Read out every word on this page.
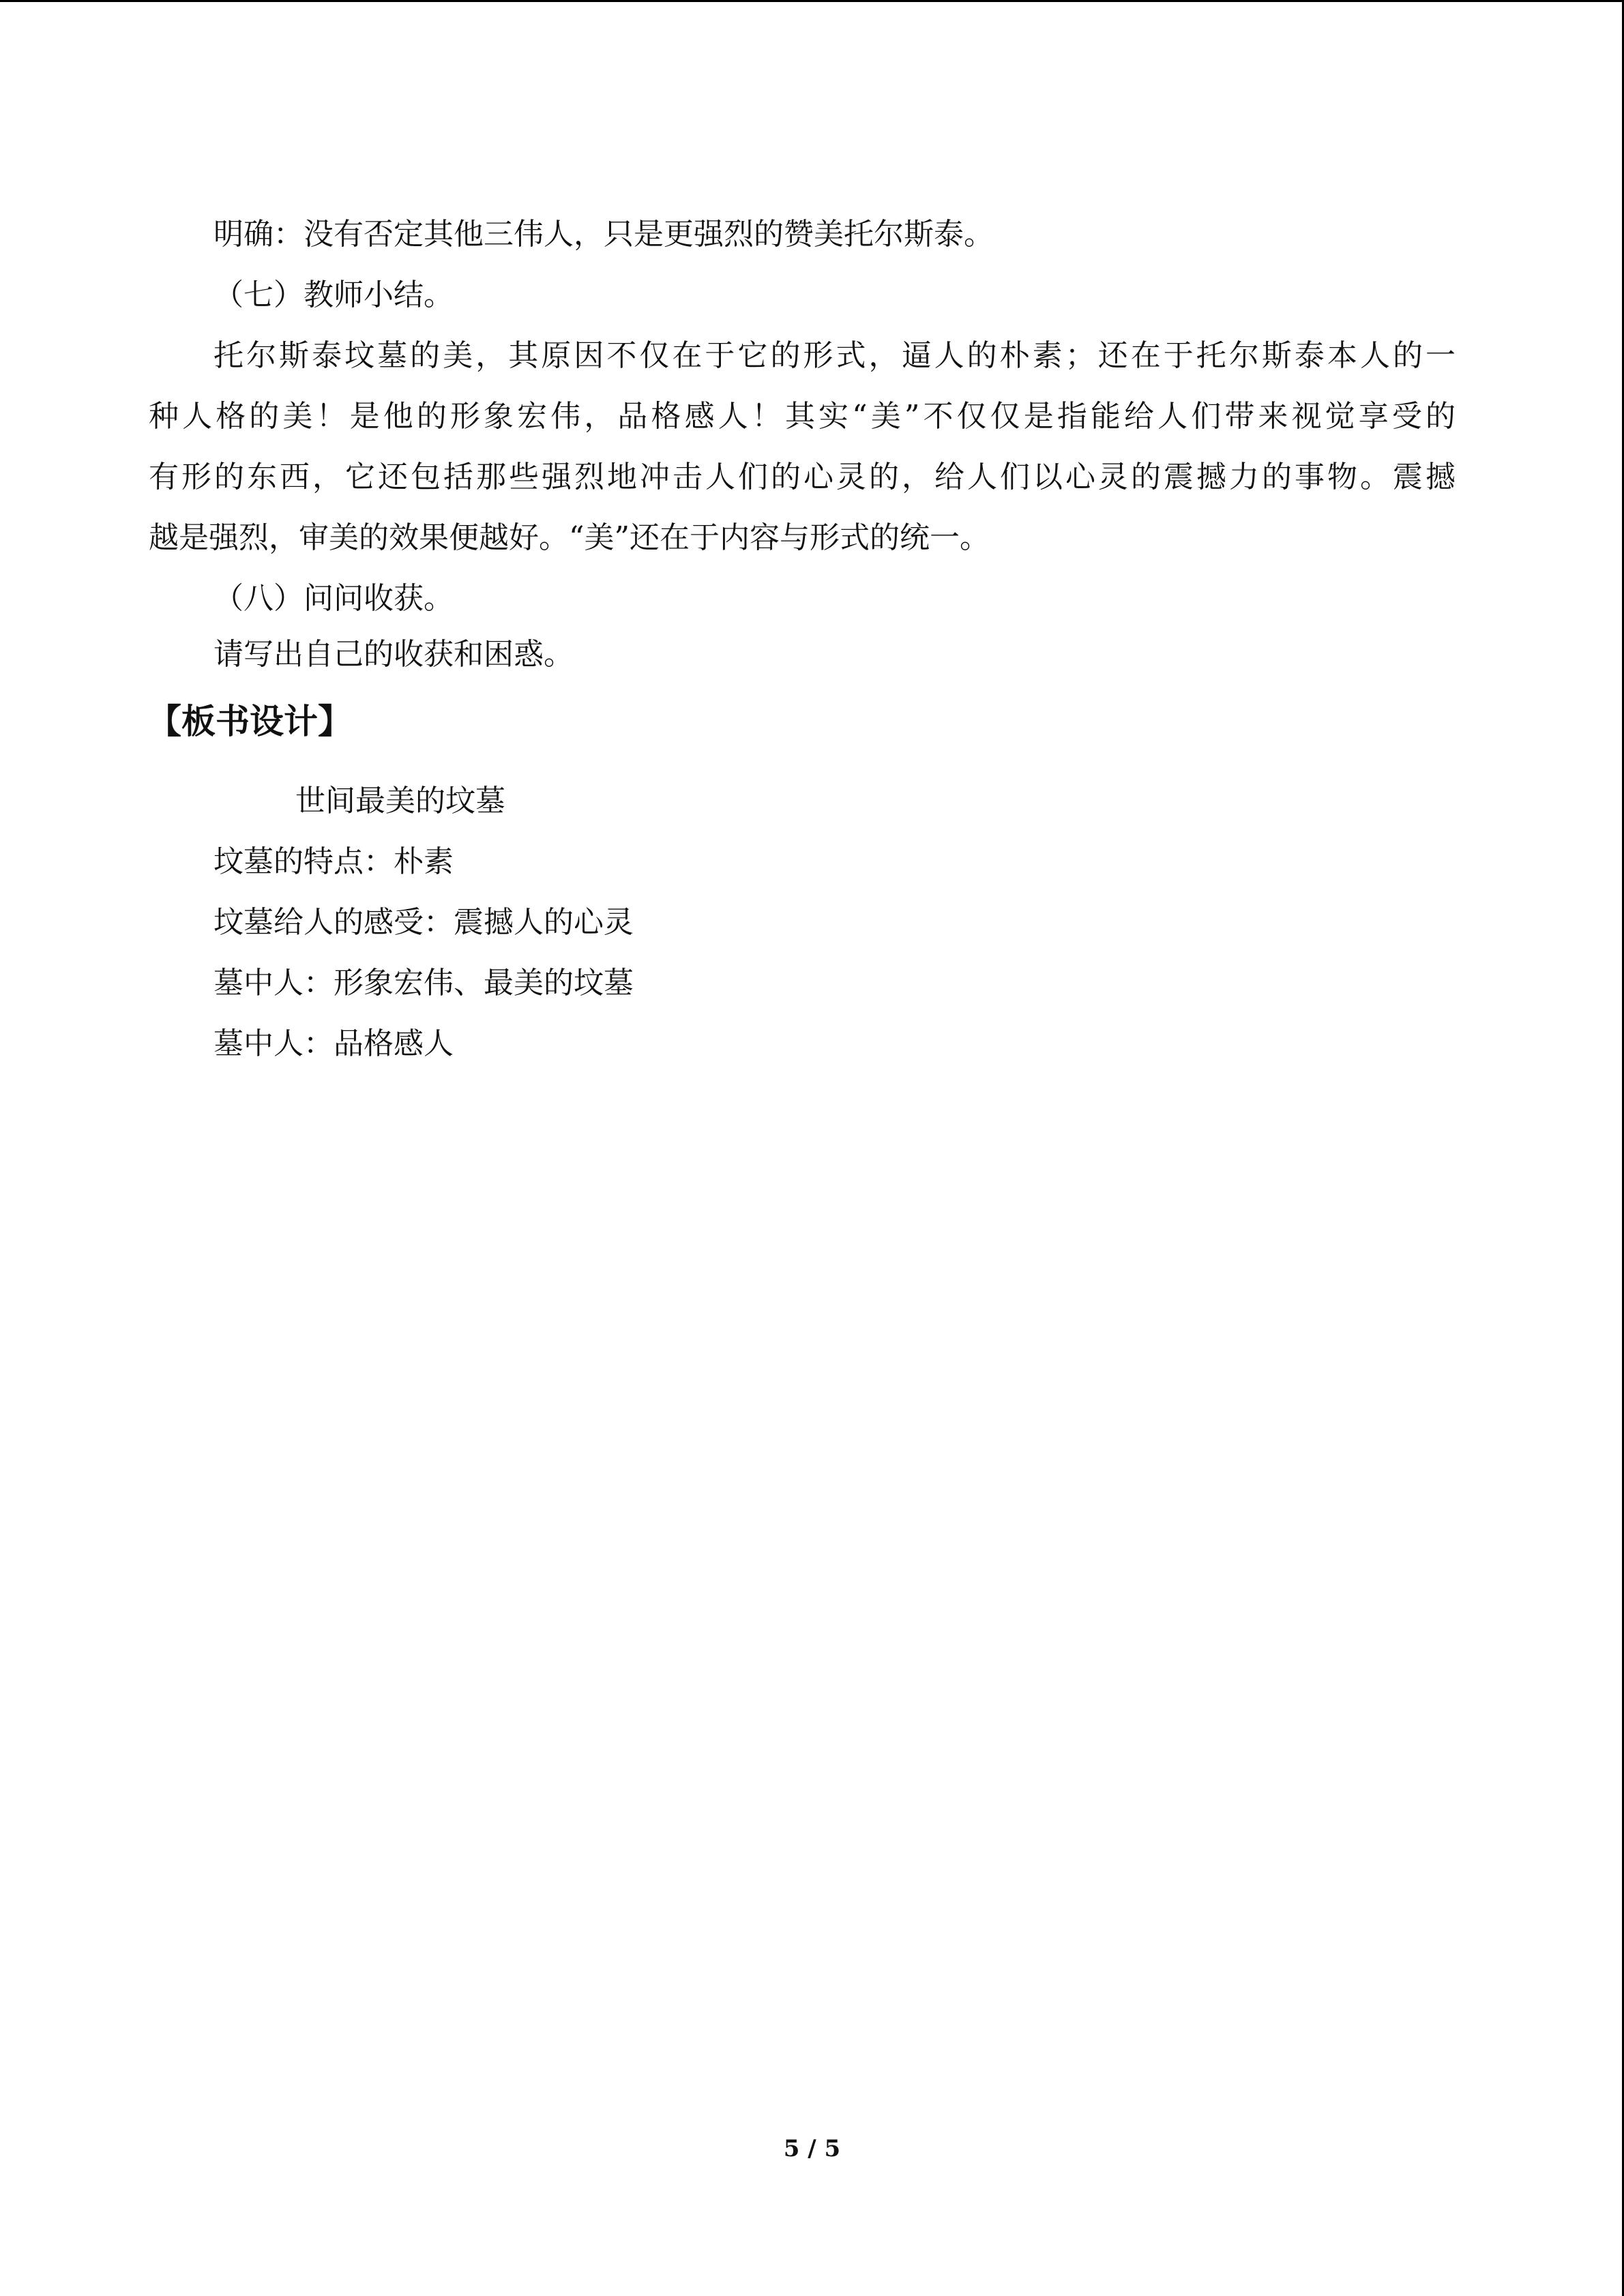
明确：没有否定其他三伟人，只是更强烈的赞美托尔斯泰。
（七）教师小结。
托尔斯泰坟墓的美，其原因不仅在于它的形式，逼人的朴素；还在于托尔斯泰本人的一
种人格的美！是他的形象宏伟，品格感人！其实“美”不仅仅是指能给人们带来视觉享受的
有形的东西，它还包括那些强烈地冲击人们的心灵的，给人们以心灵的震撼力的事物。震撼
越是强烈，审美的效果便越好。“美”还在于内容与形式的统一。
（八）问问收获。
请写出自己的收获和困惑。
【板书设计】
世间最美的坟墓
坟墓的特点：朴素
坟墓给人的感受：震撼人的心灵
墓中人：形象宏伟、最美的坟墓
墓中人：品格感人
5 / 5
